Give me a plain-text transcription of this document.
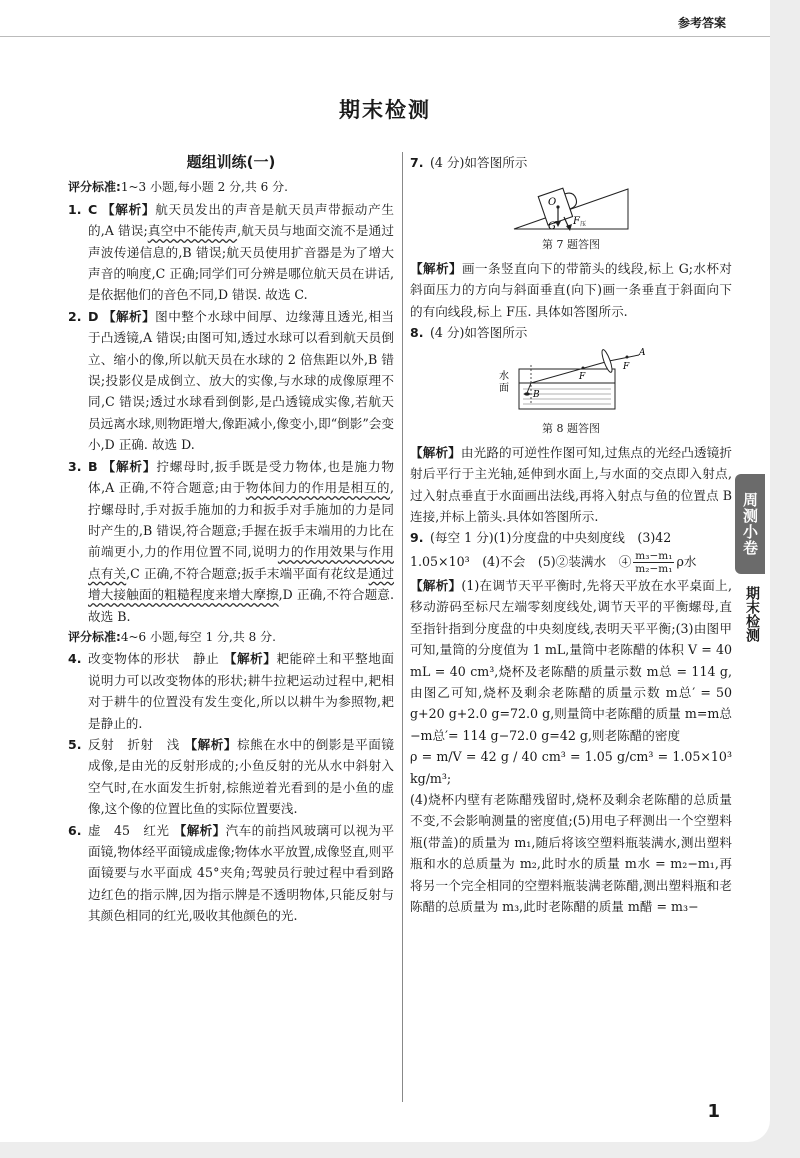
参考答案
期末检测
题组训练(一)
评分标准:1~3 小题,每小题 2 分,共 6 分.
1. C 【解析】航天员发出的声音是航天员声带振动产生的,A 错误;真空中不能传声,航天员与地面交流不是通过声波传递信息的,B 错误;航天员使用扩音器是为了增大声音的响度,C 正确;同学们可分辨是哪位航天员在讲话,是依据他们的音色不同,D 错误. 故选 C.
2. D 【解析】图中整个水球中间厚、边缘薄且透光,相当于凸透镜,A 错误;由图可知,透过水球可以看到航天员倒立、缩小的像,所以航天员在水球的 2 倍焦距以外,B 错误;投影仪是成倒立、放大的实像,与水球的成像原理不同,C 错误;透过水球看到倒影,是凸透镜成实像,若航天员远离水球,则物距增大,像距减小,像变小,即“倒影”会变小,D 正确. 故选 D.
3. B 【解析】拧螺母时,扳手既是受力物体,也是施力物体,A 正确,不符合题意;由于物体间力的作用是相互的,拧螺母时,手对扳手施加的力和扳手对手施加的力是同时产生的,B 错误,符合题意;手握在扳手末端用的力比在前端更小,力的作用位置不同,说明力的作用效果与作用点有关,C 正确,不符合题意;扳手末端平面有花纹是通过增大接触面的粗糙程度来增大摩擦,D 正确,不符合题意. 故选 B.
评分标准:4~6 小题,每空 1 分,共 8 分.
4. 改变物体的形状　静止 【解析】耙能碎土和平整地面说明力可以改变物体的形状;耕牛拉耙运动过程中,耙相对于耕牛的位置没有发生变化,所以以耕牛为参照物,耙是静止的.
5. 反射　折射　浅 【解析】棕熊在水中的倒影是平面镜成像,是由光的反射形成的;小鱼反射的光从水中斜射入空气时,在水面发生折射,棕熊逆着光看到的是小鱼的虚像,这个像的位置比鱼的实际位置要浅.
6. 虚　45　红光 【解析】汽车的前挡风玻璃可以视为平面镜,物体经平面镜成虚像;物体水平放置,成像竖直,则平面镜要与水平面成 45°夹角;驾驶员行驶过程中看到路边红色的指示牌,因为指示牌是不透明物体,只能反射与其颜色相同的红光,吸收其他颜色的光.
7. (4 分)如答图所示
O
G F 压
第 7 题答图
【解析】画一条竖直向下的带箭头的线段,标上 G;水杯对斜面压力的方向与斜面垂直(向下)画一条垂直于斜面向下的有向线段,标上 F压. 具体如答图所示.
8. (4 分)如答图所示
A
F
F
B
水
面
第 8 题答图
【解析】由光路的可逆性作图可知,过焦点的光经凸透镜折射后平行于主光轴,延伸到水面上,与水面的交点即入射点,过入射点垂直于水面画出法线,再将入射点与鱼的位置点 B 连接,并标上箭头.具体如答图所示.
9. (每空 1 分)(1)分度盘的中央刻度线　(3)42
1.05×10³　(4)不会　(5)②装满水　④ $\frac{\text{m₃−m₁}}{\text{m₂−m₁}}$ ρ水
【解析】(1)在调节天平平衡时,先将天平放在水平桌面上,移动游码至标尺左端零刻度线处,调节天平的平衡螺母,直至指针指到分度盘的中央刻度线,表明天平平衡;(3)由图甲可知,量筒的分度值为 1 mL,量筒中老陈醋的体积 V = 40 mL = 40 cm³,烧杯及老陈醋的质量示数 m总 = 114 g,由图乙可知,烧杯及剩余老陈醋的质量示数 m总′ = 50 g+20 g+2.0 g=72.0 g,则量筒中老陈醋的质量 m=m总−m总′= 114 g−72.0 g=42 g,则老陈醋的密度
ρ = m/V = 42 g / 40 cm³ = 1.05 g/cm³ = 1.05×10³ kg/m³;
(4)烧杯内壁有老陈醋残留时,烧杯及剩余老陈醋的总质量不变,不会影响测量的密度值;(5)用电子秤测出一个空塑料瓶(带盖)的质量为 m₁,随后将该空塑料瓶装满水,测出塑料瓶和水的总质量为 m₂,此时水的质量 m水 = m₂−m₁,再将另一个完全相同的空塑料瓶装满老陈醋,测出塑料瓶和老陈醋的总质量为 m₃,此时老陈醋的质量 m醋 = m₃−
周测小卷
期末检测
1
